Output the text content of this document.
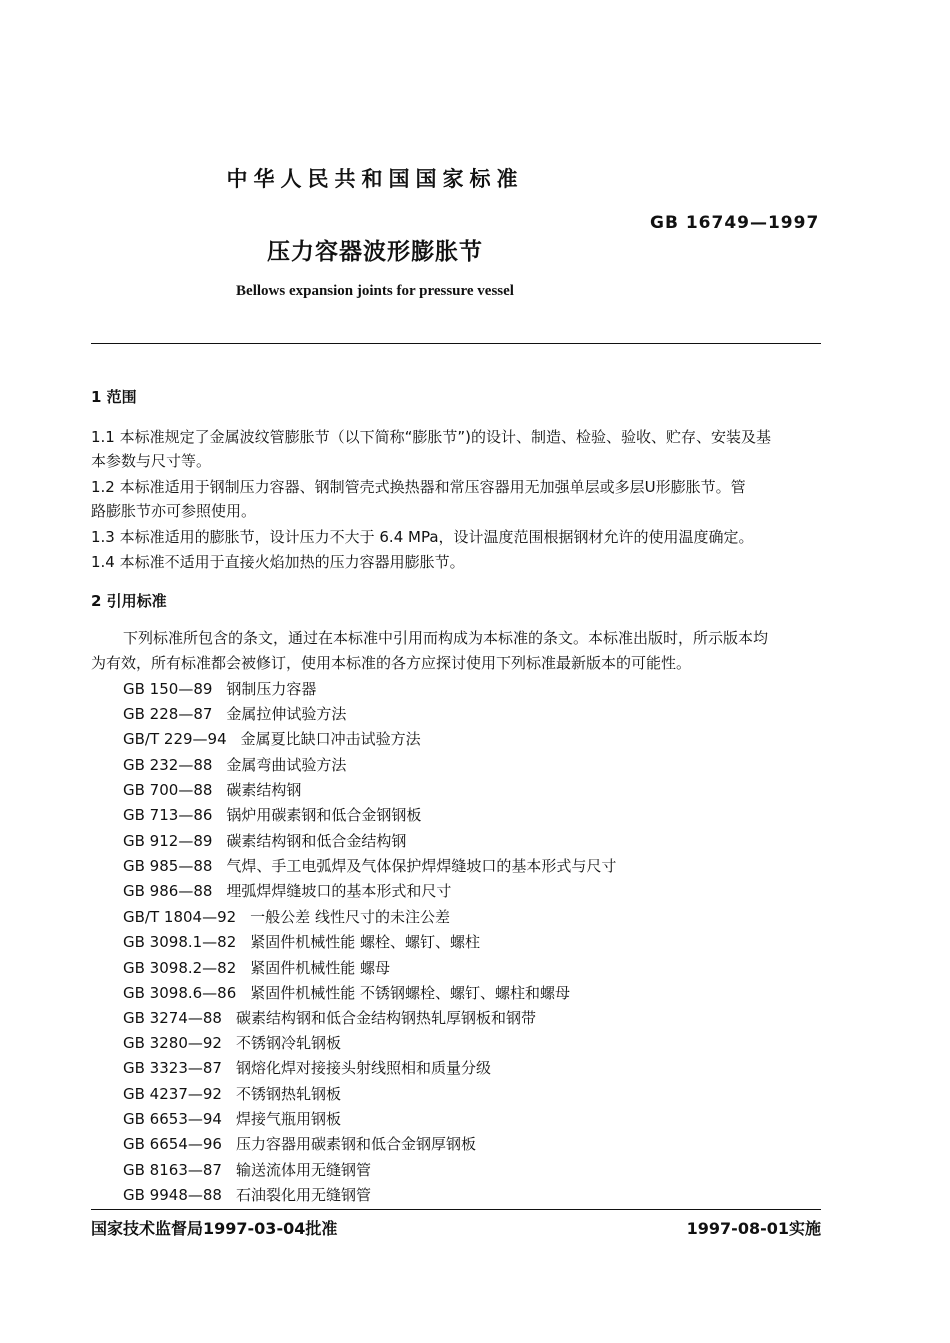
中华人民共和国国家标准
GB 16749—1997
压力容器波形膨胀节
Bellows expansion joints for pressure vessel
1 范围
1.1 本标准规定了金属波纹管膨胀节（以下简称“膨胀节”)的设计、制造、检验、验收、贮存、安装及基
本参数与尺寸等。
1.2 本标准适用于钢制压力容器、钢制管壳式换热器和常压容器用无加强单层或多层U形膨胀节。管
路膨胀节亦可参照使用。
1.3 本标准适用的膨胀节，设计压力不大于 6.4 MPa，设计温度范围根据钢材允许的使用温度确定。
1.4 本标准不适用于直接火焰加热的压力容器用膨胀节。
2 引用标准
下列标准所包含的条文，通过在本标准中引用而构成为本标准的条文。本标准出版时，所示版本均
为有效，所有标准都会被修订，使用本标准的各方应探讨使用下列标准最新版本的可能性。
GB 150—89 钢制压力容器
GB 228—87 金属拉伸试验方法
GB/T 229—94 金属夏比缺口冲击试验方法
GB 232—88 金属弯曲试验方法
GB 700—88 碳素结构钢
GB 713—86 锅炉用碳素钢和低合金钢钢板
GB 912—89 碳素结构钢和低合金结构钢
GB 985—88 气焊、手工电弧焊及气体保护焊焊缝坡口的基本形式与尺寸
GB 986—88 埋弧焊焊缝坡口的基本形式和尺寸
GB/T 1804—92 一般公差 线性尺寸的未注公差
GB 3098.1—82 紧固件机械性能 螺栓、螺钉、螺柱
GB 3098.2—82 紧固件机械性能 螺母
GB 3098.6—86 紧固件机械性能 不锈钢螺栓、螺钉、螺柱和螺母
GB 3274—88 碳素结构钢和低合金结构钢热轧厚钢板和钢带
GB 3280—92 不锈钢冷轧钢板
GB 3323—87 钢熔化焊对接接头射线照相和质量分级
GB 4237—92 不锈钢热轧钢板
GB 6653—94 焊接气瓶用钢板
GB 6654—96 压力容器用碳素钢和低合金钢厚钢板
GB 8163—87 输送流体用无缝钢管
GB 9948—88 石油裂化用无缝钢管
国家技术监督局1997-03-04批准	1997-08-01实施
